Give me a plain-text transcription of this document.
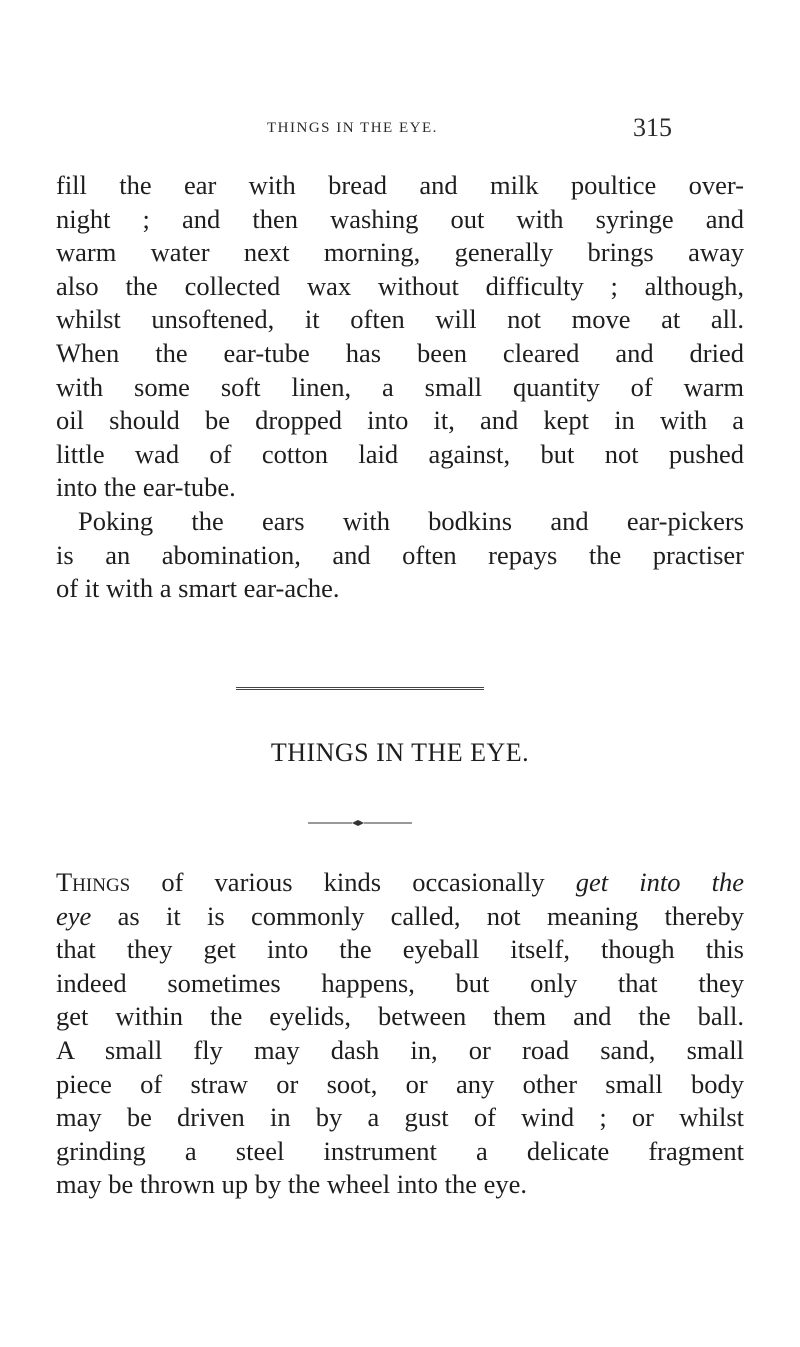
THINGS IN THE EYE.	315
fill the ear with bread and milk poultice over-
night ; and then washing out with syringe and
warm water next morning, generally brings away
also the collected wax without difficulty ; although,
whilst unsoftened, it often will not move at all.
When the ear-tube has been cleared and dried
with some soft linen, a small quantity of warm
oil should be dropped into it, and kept in with a
little wad of cotton laid against, but not pushed
into the ear-tube.
Poking the ears with bodkins and ear-pickers
is an abomination, and often repays the practiser
of it with a smart ear-ache.
THINGS IN THE EYE.
Things of various kinds occasionally get into the
eye as it is commonly called, not meaning thereby
that they get into the eyeball itself, though this
indeed sometimes happens, but only that they
get within the eyelids, between them and the ball.
A small fly may dash in, or road sand, small
piece of straw or soot, or any other small body
may be driven in by a gust of wind ; or whilst
grinding a steel instrument a delicate fragment
may be thrown up by the wheel into the eye.
